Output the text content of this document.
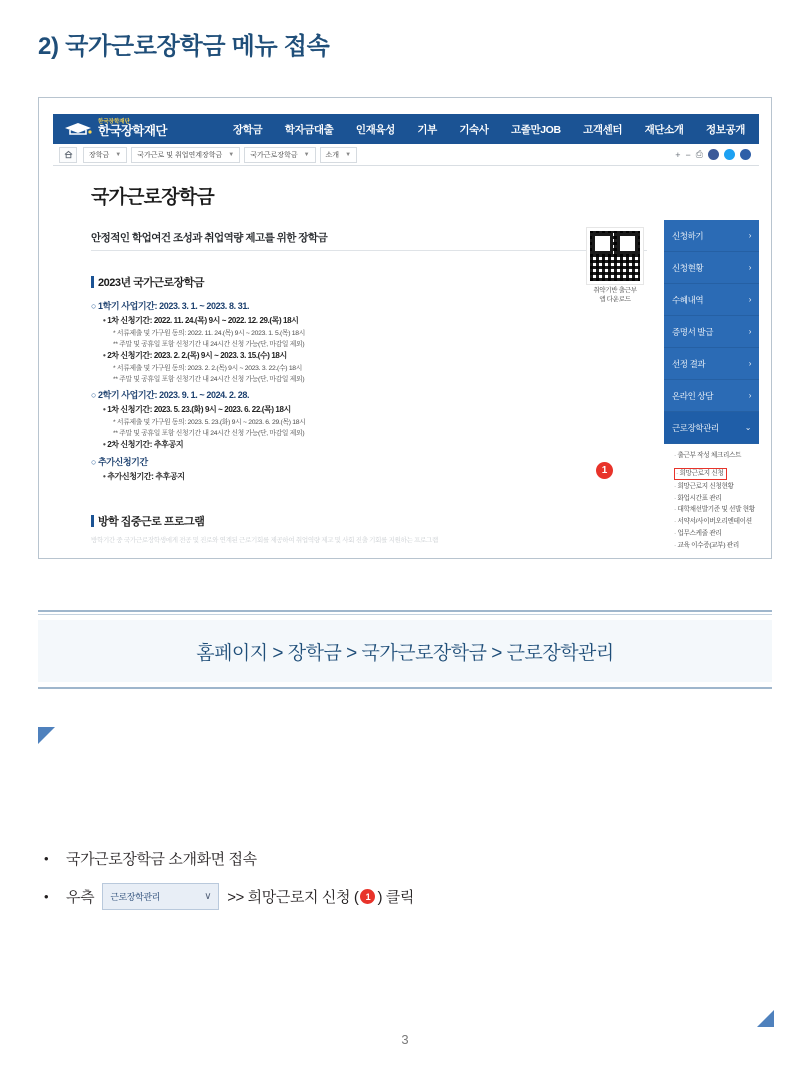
2) 국가근로장학금 메뉴 접속
한국장학재단
한국장학재단	장학금 학자금대출 인재육성 기부 기숙사 고졸만JOB 고객센터 재단소개 정보공개
장학금 ▼ 국가근로 및 취업연계장학금 ▼ 국가근로장학금 ▼ 소개 ▼	+ − ⎙
국가근로장학금
안정적인 학업여건 조성과 취업역량 제고를 위한 장학금
2023년 국가근로장학금
○ 1학기 사업기간: 2023. 3. 1. ~ 2023. 8. 31.
• 1차 신청기간: 2022. 11. 24.(목) 9시 ~ 2022. 12. 29.(목) 18시
* 서류제출 및 가구원 동의: 2022. 11. 24.(목) 9시 ~ 2023. 1. 5.(목) 18시
** 주말 및 공휴일 포함 신청기간 내 24시간 신청 가능(단, 마감일 제외)
• 2차 신청기간: 2023. 2. 2.(목) 9시 ~ 2023. 3. 15.(수) 18시
* 서류제출 및 가구원 동의: 2023. 2. 2.(목) 9시 ~ 2023. 3. 22.(수) 18시
** 주말 및 공휴일 포함 신청기간 내 24시간 신청 가능(단, 마감일 제외)
○ 2학기 사업기간: 2023. 9. 1. ~ 2024. 2. 28.
• 1차 신청기간: 2023. 5. 23.(화) 9시 ~ 2023. 6. 22.(목) 18시
* 서류제출 및 가구원 동의: 2023. 5. 23.(화) 9시 ~ 2023. 6. 29.(목) 18시
** 주말 및 공휴일 포함 신청기간 내 24시간 신청 가능(단, 마감일 제외)
• 2차 신청기간: 추후공지
○ 추가신청기간
• 추가신청기간: 추후공지
방학 집중근로 프로그램
방학기간 중 국가근로장학생에게 전공 및 진로와 연계된 근로기회를 제공하여 취업역량 제고 및 사회 진출 기회를 지원하는 프로그램
취약기반 출근부
앱 다운로드
신청하기	›
신청현황	›
수혜내역	›
증명서 발급	›
선정 결과	›
온라인 상담	›
근로장학관리	⌄
· 출근부 작성 체크리스트
· 희망근로지 신청
· 희망근로지 신청현황
· 화업시간표 관리
· 대학채선발기준 및 선발 현황
· 서약서/사이버오리엔테이션
· 업무스케줄 관리
· 교육 이수증(교부) 관리
1
홈페이지 > 장학금 > 국가근로장학금 > 근로장학관리
•	국가근로장학금 소개화면 접속
•	우측 근로장학관리	∨ >> 희망근로지 신청 ( 1 ) 클릭
3
